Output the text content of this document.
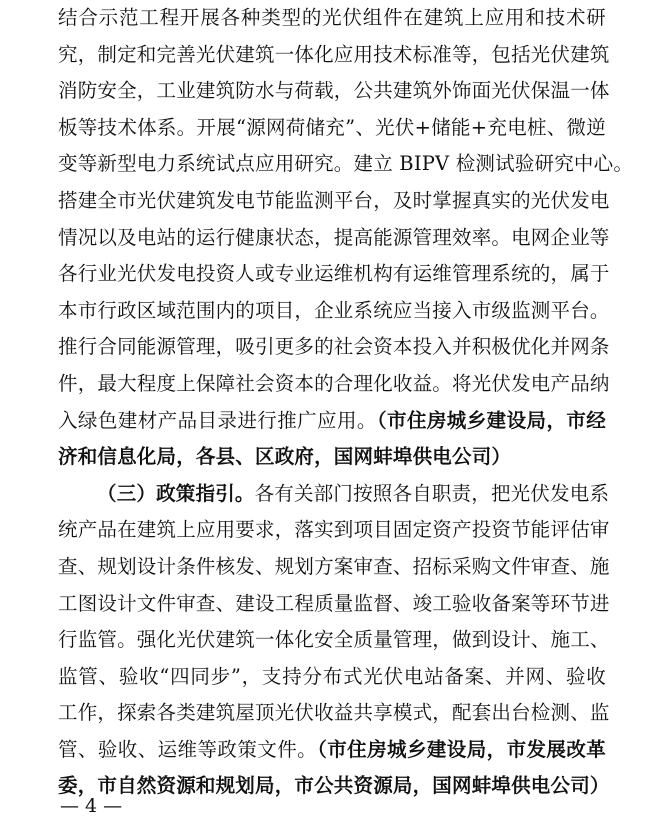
结合示范工程开展各种类型的光伏组件在建筑上应用和技术研
究，制定和完善光伏建筑一体化应用技术标准等，包括光伏建筑
消防安全，工业建筑防水与荷载，公共建筑外饰面光伏保温一体
板等技术体系。开展“源网荷储充”、光伏+储能+充电桩、微逆
变等新型电力系统试点应用研究。建立 BIPV 检测试验研究中心。
搭建全市光伏建筑发电节能监测平台，及时掌握真实的光伏发电
情况以及电站的运行健康状态，提高能源管理效率。电网企业等
各行业光伏发电投资人或专业运维机构有运维管理系统的，属于
本市行政区域范围内的项目，企业系统应当接入市级监测平台。
推行合同能源管理，吸引更多的社会资本投入并积极优化并网条
件，最大程度上保障社会资本的合理化收益。将光伏发电产品纳
入绿色建材产品目录进行推广应用。（市住房城乡建设局，市经
济和信息化局，各县、区政府，国网蚌埠供电公司）
（三）政策指引。各有关部门按照各自职责，把光伏发电系
统产品在建筑上应用要求，落实到项目固定资产投资节能评估审
查、规划设计条件核发、规划方案审查、招标采购文件审查、施
工图设计文件审查、建设工程质量监督、竣工验收备案等环节进
行监管。强化光伏建筑一体化安全质量管理，做到设计、施工、
监管、验收“四同步”，支持分布式光伏电站备案、并网、验收
工作，探索各类建筑屋顶光伏收益共享模式，配套出台检测、监
管、验收、运维等政策文件。（市住房城乡建设局，市发展改革
委，市自然资源和规划局，市公共资源局，国网蚌埠供电公司）
— 4 —
